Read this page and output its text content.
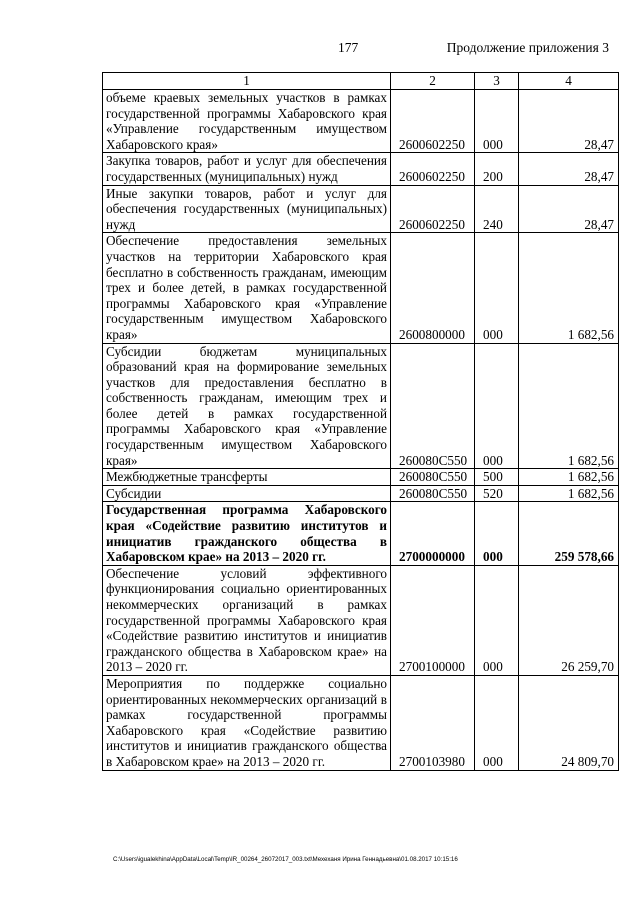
177	Продолжение приложения 3
1	2	3	4
объеме краевых земельных участков в рамках государственной программы Хабаровского края «Управление государственным имуществом Хабаровского края»	2600602250	000	28,47
Закупка товаров, работ и услуг для обеспечения государственных (муниципальных) нужд	2600602250	200	28,47
Иные закупки товаров, работ и услуг для обеспечения государственных (муниципальных) нужд	2600602250	240	28,47
Обеспечение предоставления земельных участков на территории Хабаровского края бесплатно в собственность гражданам, имеющим трех и более детей, в рамках государственной программы Хабаровского края «Управление государственным имуществом Хабаровского края»	2600800000	000	1 682,56
Субсидии бюджетам муниципальных образований края на формирование земельных участков для предоставления бесплатно в собственность гражданам, имеющим трех и более детей в рамках государственной программы Хабаровского края «Управление государственным имуществом Хабаровского края»	260080С550	000	1 682,56
Межбюджетные трансферты	260080С550	500	1 682,56
Субсидии	260080С550	520	1 682,56
Государственная программа Хабаровского края «Содействие развитию институтов и инициатив гражданского общества в Хабаровском крае» на 2013 – 2020 гг.	2700000000	000	259 578,66
Обеспечение условий эффективного функционирования социально ориентированных некоммерческих организаций в рамках государственной программы Хабаровского края «Содействие развитию институтов и инициатив гражданского общества в Хабаровском крае» на 2013 – 2020 гг.	2700100000	000	26 259,70
Мероприятия по поддержке социально ориентированных некоммерческих организаций в рамках государственной программы Хабаровского края «Содействие развитию институтов и инициатив гражданского общества в Хабаровском крае» на 2013 – 2020 гг.	2700103980	000	24 809,70
C:\Users\igualekhina\AppData\Local\Temp\IR_00264_26072017_003.txt\Мехеханя Ирина Геннадьевна\01.08.2017 10:15:16
